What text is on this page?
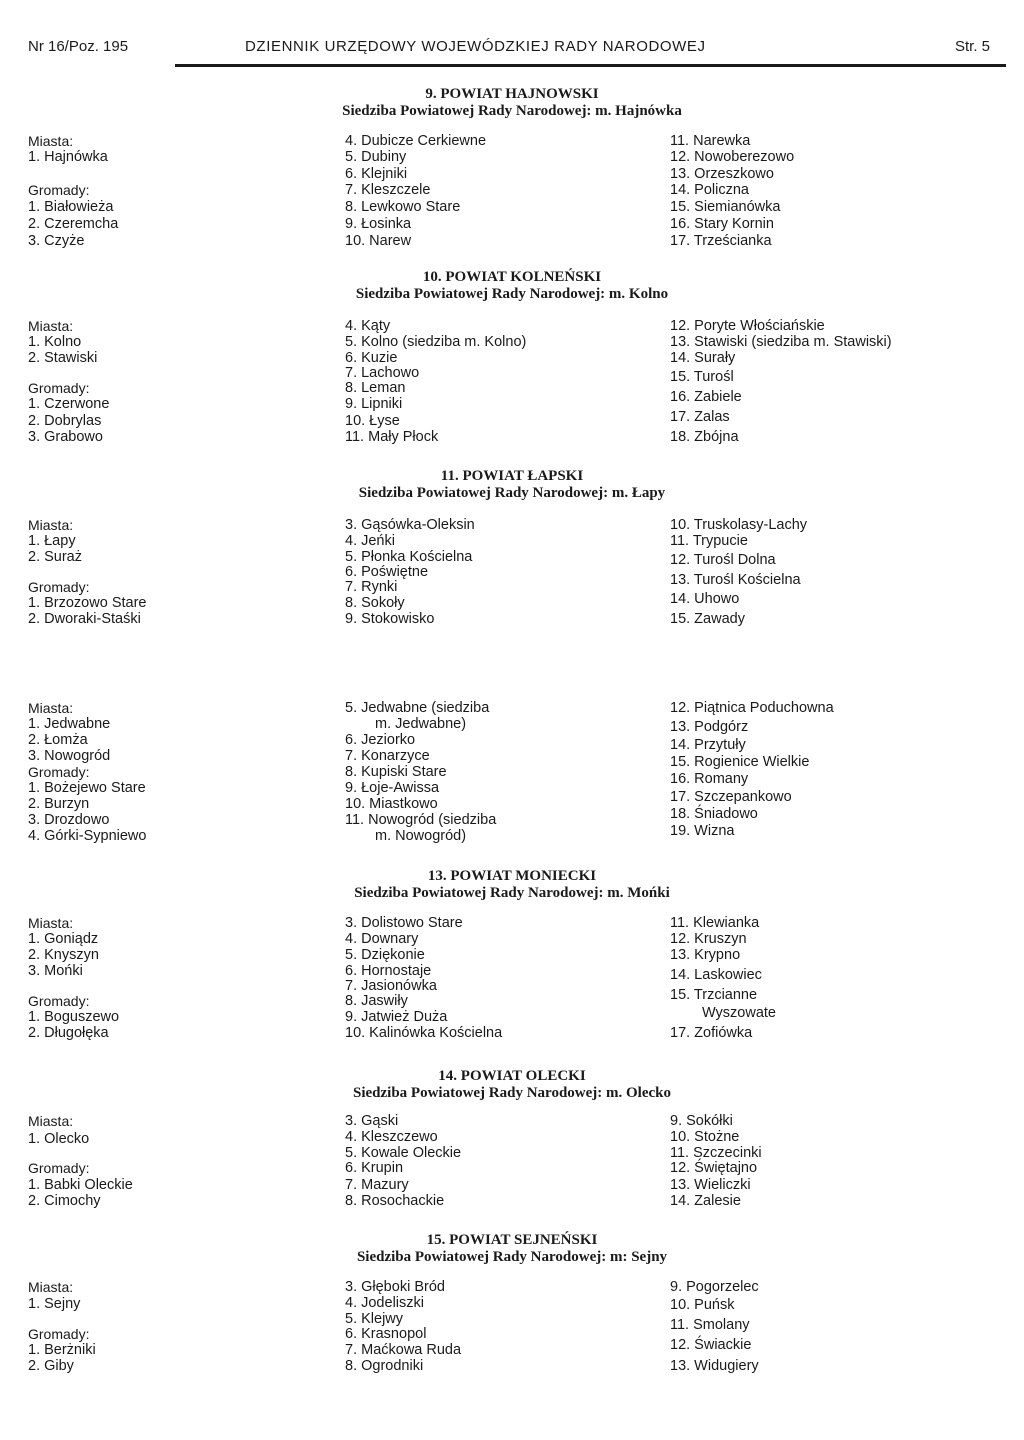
Nr 16/Poz. 195	DZIENNIK URZĘDOWY WOJEWÓDZKIEJ RADY NARODOWEJ	Str. 5
9. POWIAT HAJNOWSKI
Siedziba Powiatowej Rady Narodowej: m. Hajnówka
Miasta:
1. Hajnówka
Gromady:
1. Białowieża
2. Czeremcha
3. Czyże
4. Dubicze Cerkiewne
5. Dubiny
6. Klejniki
7. Kleszczele
8. Lewkowo Stare
9. Łosinka
10. Narew
11. Narewka
12. Nowoberezowo
13. Orzeszkowo
14. Policzna
15. Siemianówka
16. Stary Kornin
17. Trześcianka
10. POWIAT KOLNEŃSKI
Siedziba Powiatowej Rady Narodowej: m. Kolno
Miasta:
1. Kolno
2. Stawiski
Gromady:
1. Czerwone
2. Dobrylas
3. Grabowo
4. Kąty
5. Kolno (siedziba m. Kolno)
6. Kuzie
7. Lachowo
8. Leman
9. Lipniki
10. Łyse
11. Mały Płock
12. Poryte Włościańskie
13. Stawiski (siedziba m. Stawiski)
14. Surały
15. Turośl
16. Zabiele
17. Zalas
18. Zbójna
11. POWIAT ŁAPSKI
Siedziba Powiatowej Rady Narodowej: m. Łapy
Miasta:
1. Łapy
2. Suraż
Gromady:
1. Brzozowo Stare
2. Dworaki-Staśki
3. Gąsówka-Oleksin
4. Jeńki
5. Płonka Kościelna
6. Poświętne
7. Rynki
8. Sokoły
9. Stokowisko
10. Truskolasy-Lachy
11. Trypucie
12. Turośl Dolna
13. Turośl Kościelna
14. Uhowo
15. Zawady
Miasta:
1. Jedwabne
2. Łomża
3. Nowogród
Gromady:
1. Bożejewo Stare
2. Burzyn
3. Drozdowo
4. Górki-Sypniewo
5. Jedwabne (siedziba
m. Jedwabne)
6. Jeziorko
7. Konarzyce
8. Kupiski Stare
9. Łoje-Awissa
10. Miastkowo
11. Nowogród (siedziba
m. Nowogród)
12. Piątnica Poduchowna
13. Podgórz
14. Przytuły
15. Rogienice Wielkie
16. Romany
17. Szczepankowo
18. Śniadowo
19. Wizna
13. POWIAT MONIECKI
Siedziba Powiatowej Rady Narodowej: m. Mońki
Miasta:
1. Goniądz
2. Knyszyn
3. Mońki
Gromady:
1. Boguszewo
2. Długołęka
3. Dolistowo Stare
4. Downary
5. Dziękonie
6. Hornostaje
7. Jasionówka
8. Jaswiły
9. Jatwież Duża
10. Kalinówka Kościelna
11. Klewianka
12. Kruszyn
13. Krypno
14. Laskowiec
15. Trzcianne
Wyszowate
17. Zofiówka
14. POWIAT OLECKI
Siedziba Powiatowej Rady Narodowej: m. Olecko
Miasta:
1. Olecko
Gromady:
1. Babki Oleckie
2. Cimochy
3. Gąski
4. Kleszczewo
5. Kowale Oleckie
6. Krupin
7. Mazury
8. Rosochackie
9. Sokółki
10. Stożne
11. Szczecinki
12. Świętajno
13. Wieliczki
14. Zalesie
15. POWIAT SEJNEŃSKI
Siedziba Powiatowej Rady Narodowej: m: Sejny
Miasta:
1. Sejny
Gromady:
1. Berżniki
2. Giby
3. Głęboki Bród
4. Jodeliszki
5. Klejwy
6. Krasnopol
7. Maćkowa Ruda
8. Ogrodniki
9. Pogorzelec
10. Puńsk
11. Smolany
12. Świackie
13. Widugiery
